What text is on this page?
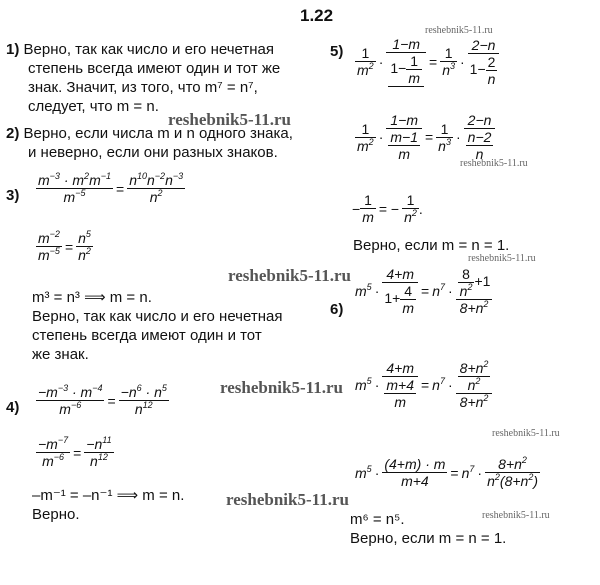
1.22
reshebnik5-11.ru
reshebnik5-11.ru
reshebnik5-11.ru
reshebnik5-11.ru
reshebnik5-11.ru
reshebnik5-11.ru
reshebnik5-11.ru
reshebnik5-11.ru
reshebnik5-11.ru
1) Верно, так как число и его нечетная
степень всегда имеют один и тот же
знак. Значит, из того, что m⁷ = n⁷,
следует, что m = n.
2) Верно, если числа m и n одного знака,
и неверно, если они разных знаков.
$3) \frac{m^{-3} \cdot m^2m^{-1}}{m^{-5}} = \frac{n^{10}n^{-2}n^{-3}}{n^2}$
$\frac{m^{-2}}{m^{-5}} = \frac{n^5}{n^2}$
m³ = n³ ⟹ m = n.
Верно, так как число и его нечетная
степень всегда имеют один и тот
же знак.
$4) \frac{-m^{-3} \cdot m^{-4}}{m^{-6}} = \frac{-n^6 \cdot n^5}{n^{12}}$
$\frac{-m^{-7}}{m^{-6}} = \frac{-n^{11}}{n^{12}}$
–m⁻¹ = –n⁻¹ ⟹ m = n.
Верно.
$5) \frac{1}{m^2} \cdot \frac{1-m}{1- \frac{1}{m}} = \frac{1}{n^3} \cdot \frac{2-n}{1- \frac{2}{n}}$
$\frac{1}{m^2} \cdot \frac{1-m}{\frac{m-1}{m}} = \frac{1}{n^3} \cdot \frac{2-n}{\frac{n-2}{n}}$
− $\frac{1}{m}$ = − $\frac{1}{n^2}$ .
Верно, если m = n = 1.
6)
$m^5 \cdot \frac{4+m}{1+ \frac{4}{m}} = n^7 \cdot \frac{\frac{8}{n^2} +1}{8+n^2}$
$m^5 \cdot \frac{4+m}{\frac{m+4}{m}} = n^7 \cdot \frac{\frac{8+n^2}{n^2}}{8+n^2}$
$m^5 \cdot \frac{(4+m) \cdot m}{m+4} = n^7 \cdot \frac{8+n^2}{n^2(8+n^2)}$
m⁶ = n⁵.
Верно, если m = n = 1.
